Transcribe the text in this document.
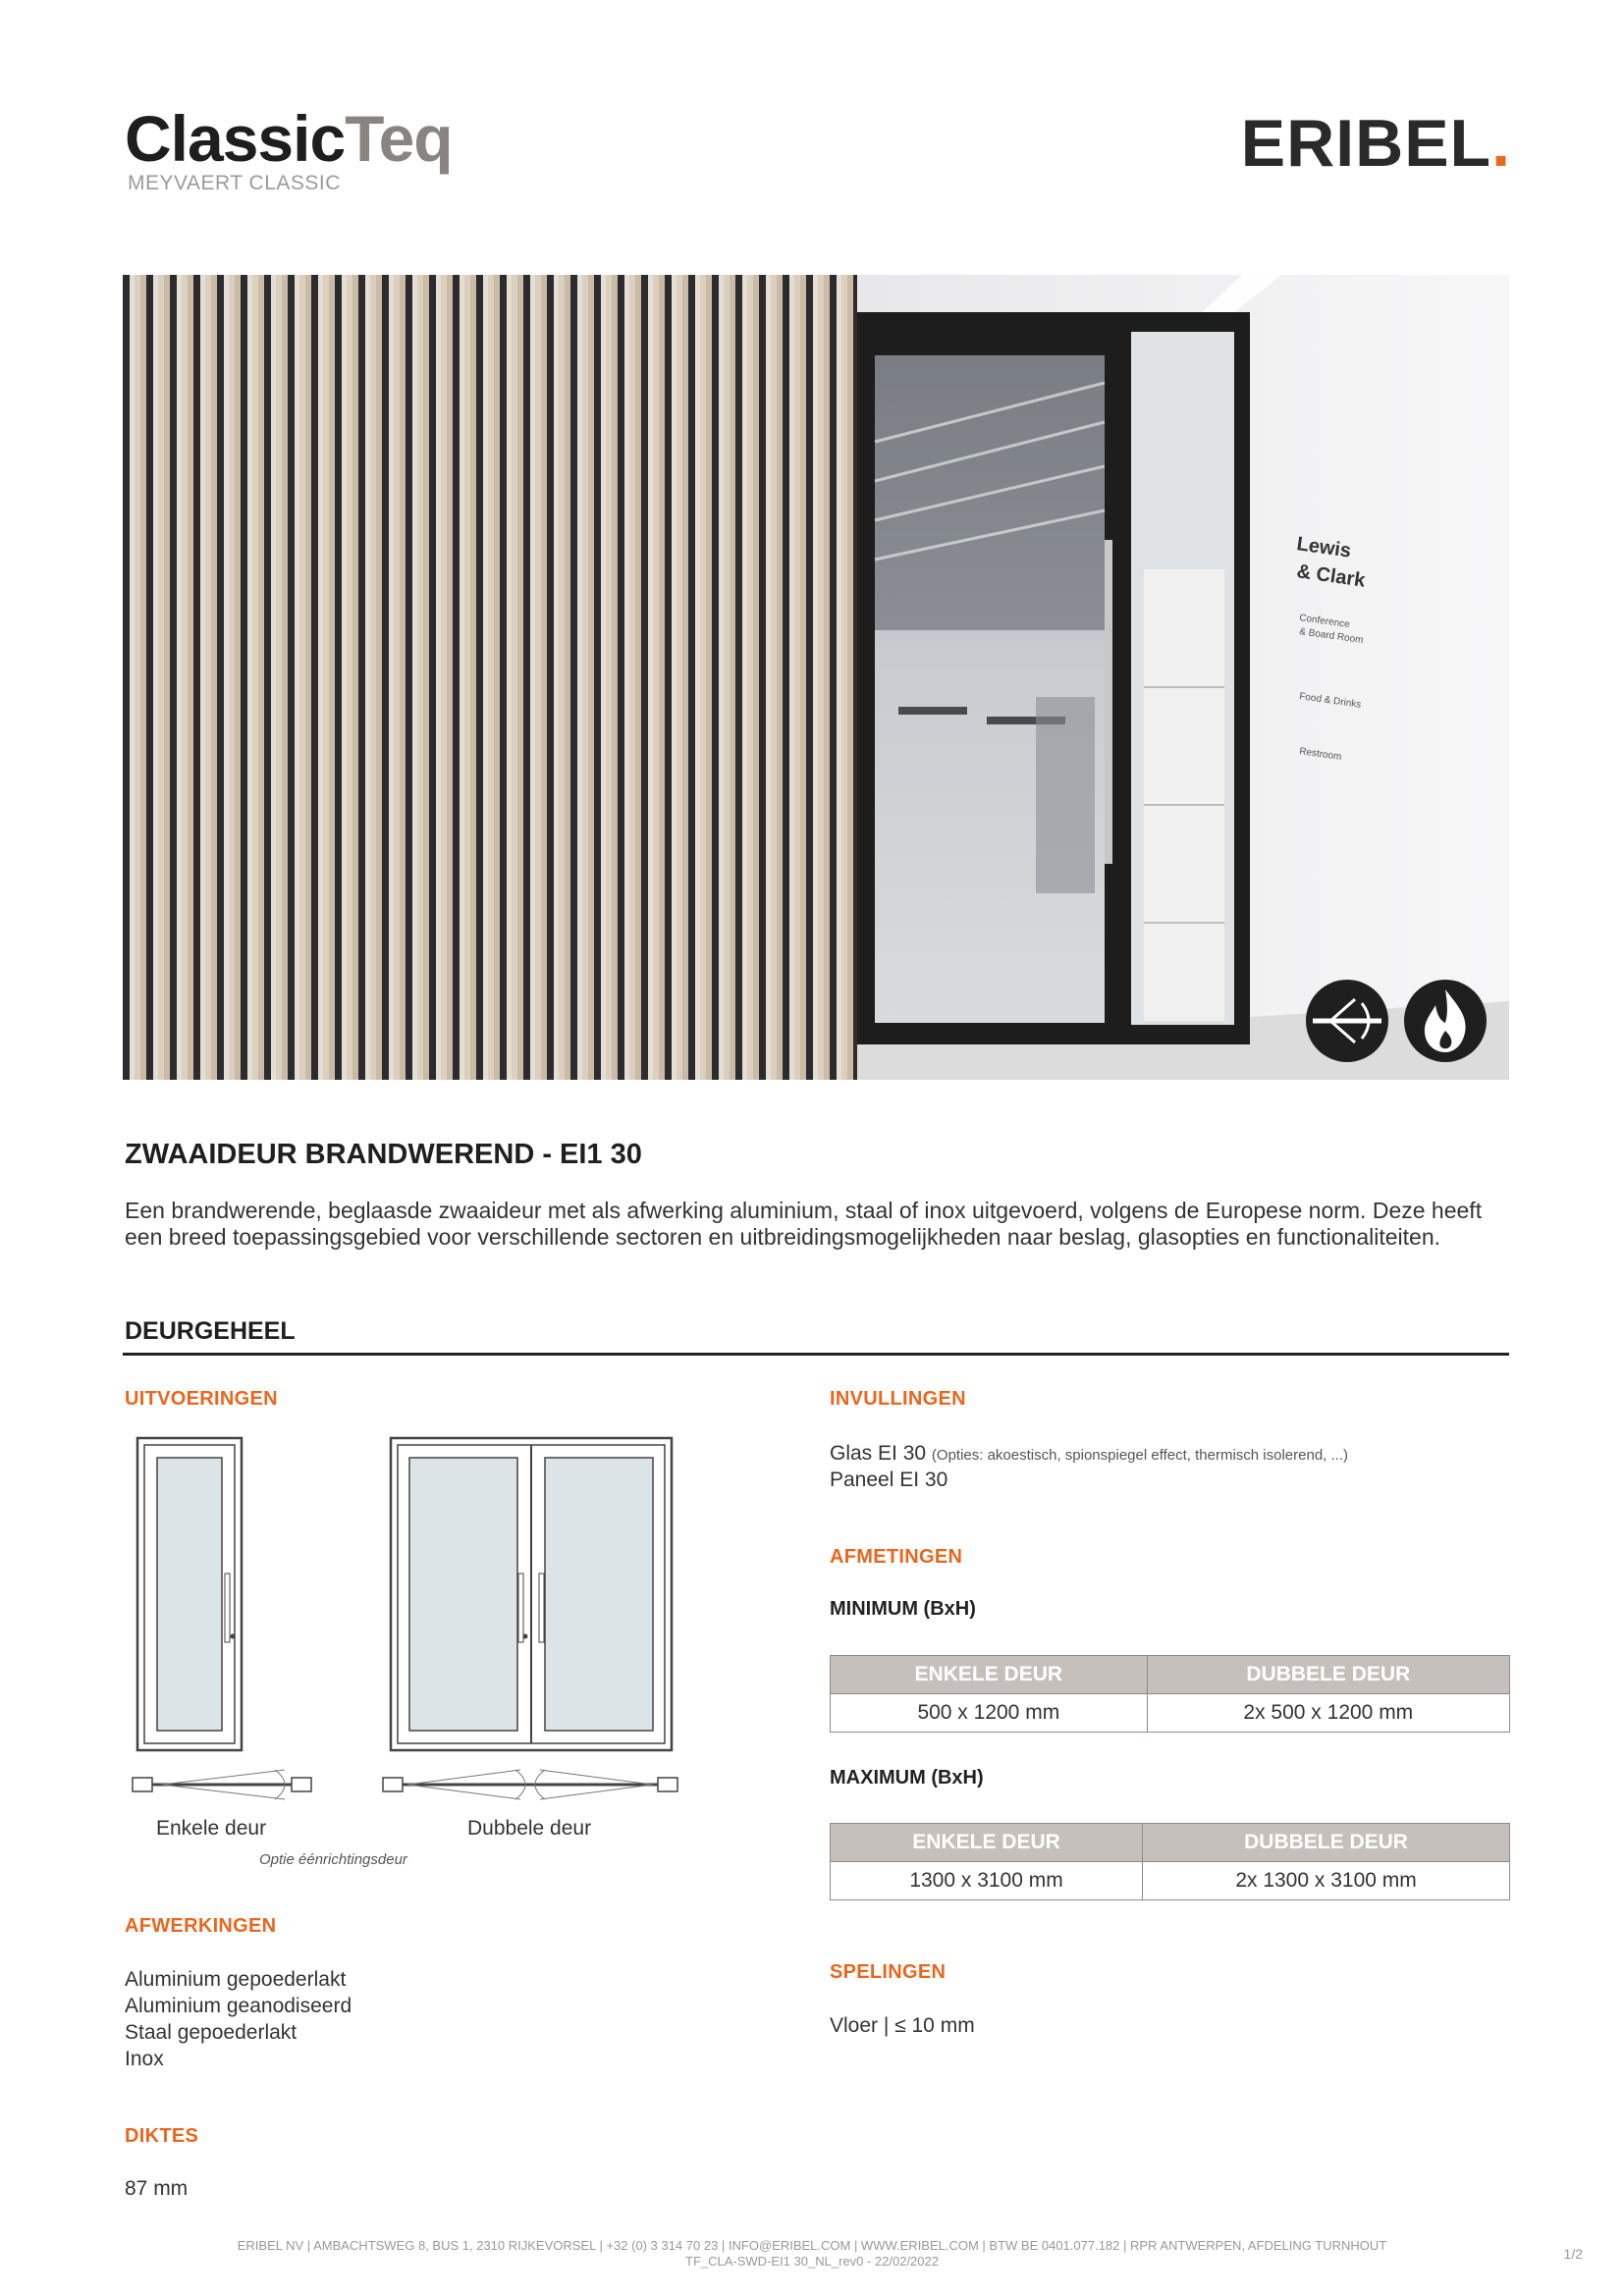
ClassicTeq
MEYVAERT CLASSIC
ERIBEL.
Lewis
& Clark
Conference
& Board Room
Food & Drinks
Restroom
ZWAAIDEUR BRANDWEREND - EI1 30
Een brandwerende, beglaasde zwaaideur met als afwerking aluminium, staal of inox uitgevoerd, volgens de Europese norm. Deze heeft een breed toepassingsgebied voor verschillende sectoren en uitbreidingsmogelijkheden naar beslag, glasopties en functionaliteiten.
DEURGEHEEL
UITVOERINGEN
Enkele deur	Dubbele deur
Optie éénrichtingsdeur
AFWERKINGEN
Aluminium gepoederlakt
Aluminium geanodiseerd
Staal gepoederlakt
Inox
DIKTES
87 mm
INVULLINGEN
Glas EI 30 (Opties: akoestisch, spionspiegel effect, thermisch isolerend, ...)
Paneel EI 30
AFMETINGEN
MINIMUM (BxH)
ENKELE DEUR	DUBBELE DEUR
500 x 1200 mm	2x 500 x 1200 mm
MAXIMUM (BxH)
ENKELE DEUR	DUBBELE DEUR
1300 x 3100 mm	2x 1300 x 3100 mm
SPELINGEN
Vloer | ≤ 10 mm
ERIBEL NV | AMBACHTSWEG 8, BUS 1, 2310 RIJKEVORSEL | +32 (0) 3 314 70 23 | INFO@ERIBEL.COM | WWW.ERIBEL.COM | BTW BE 0401.077.182 | RPR ANTWERPEN, AFDELING TURNHOUT
TF_CLA-SWD-EI1 30_NL_rev0 - 22/02/2022	1/2
